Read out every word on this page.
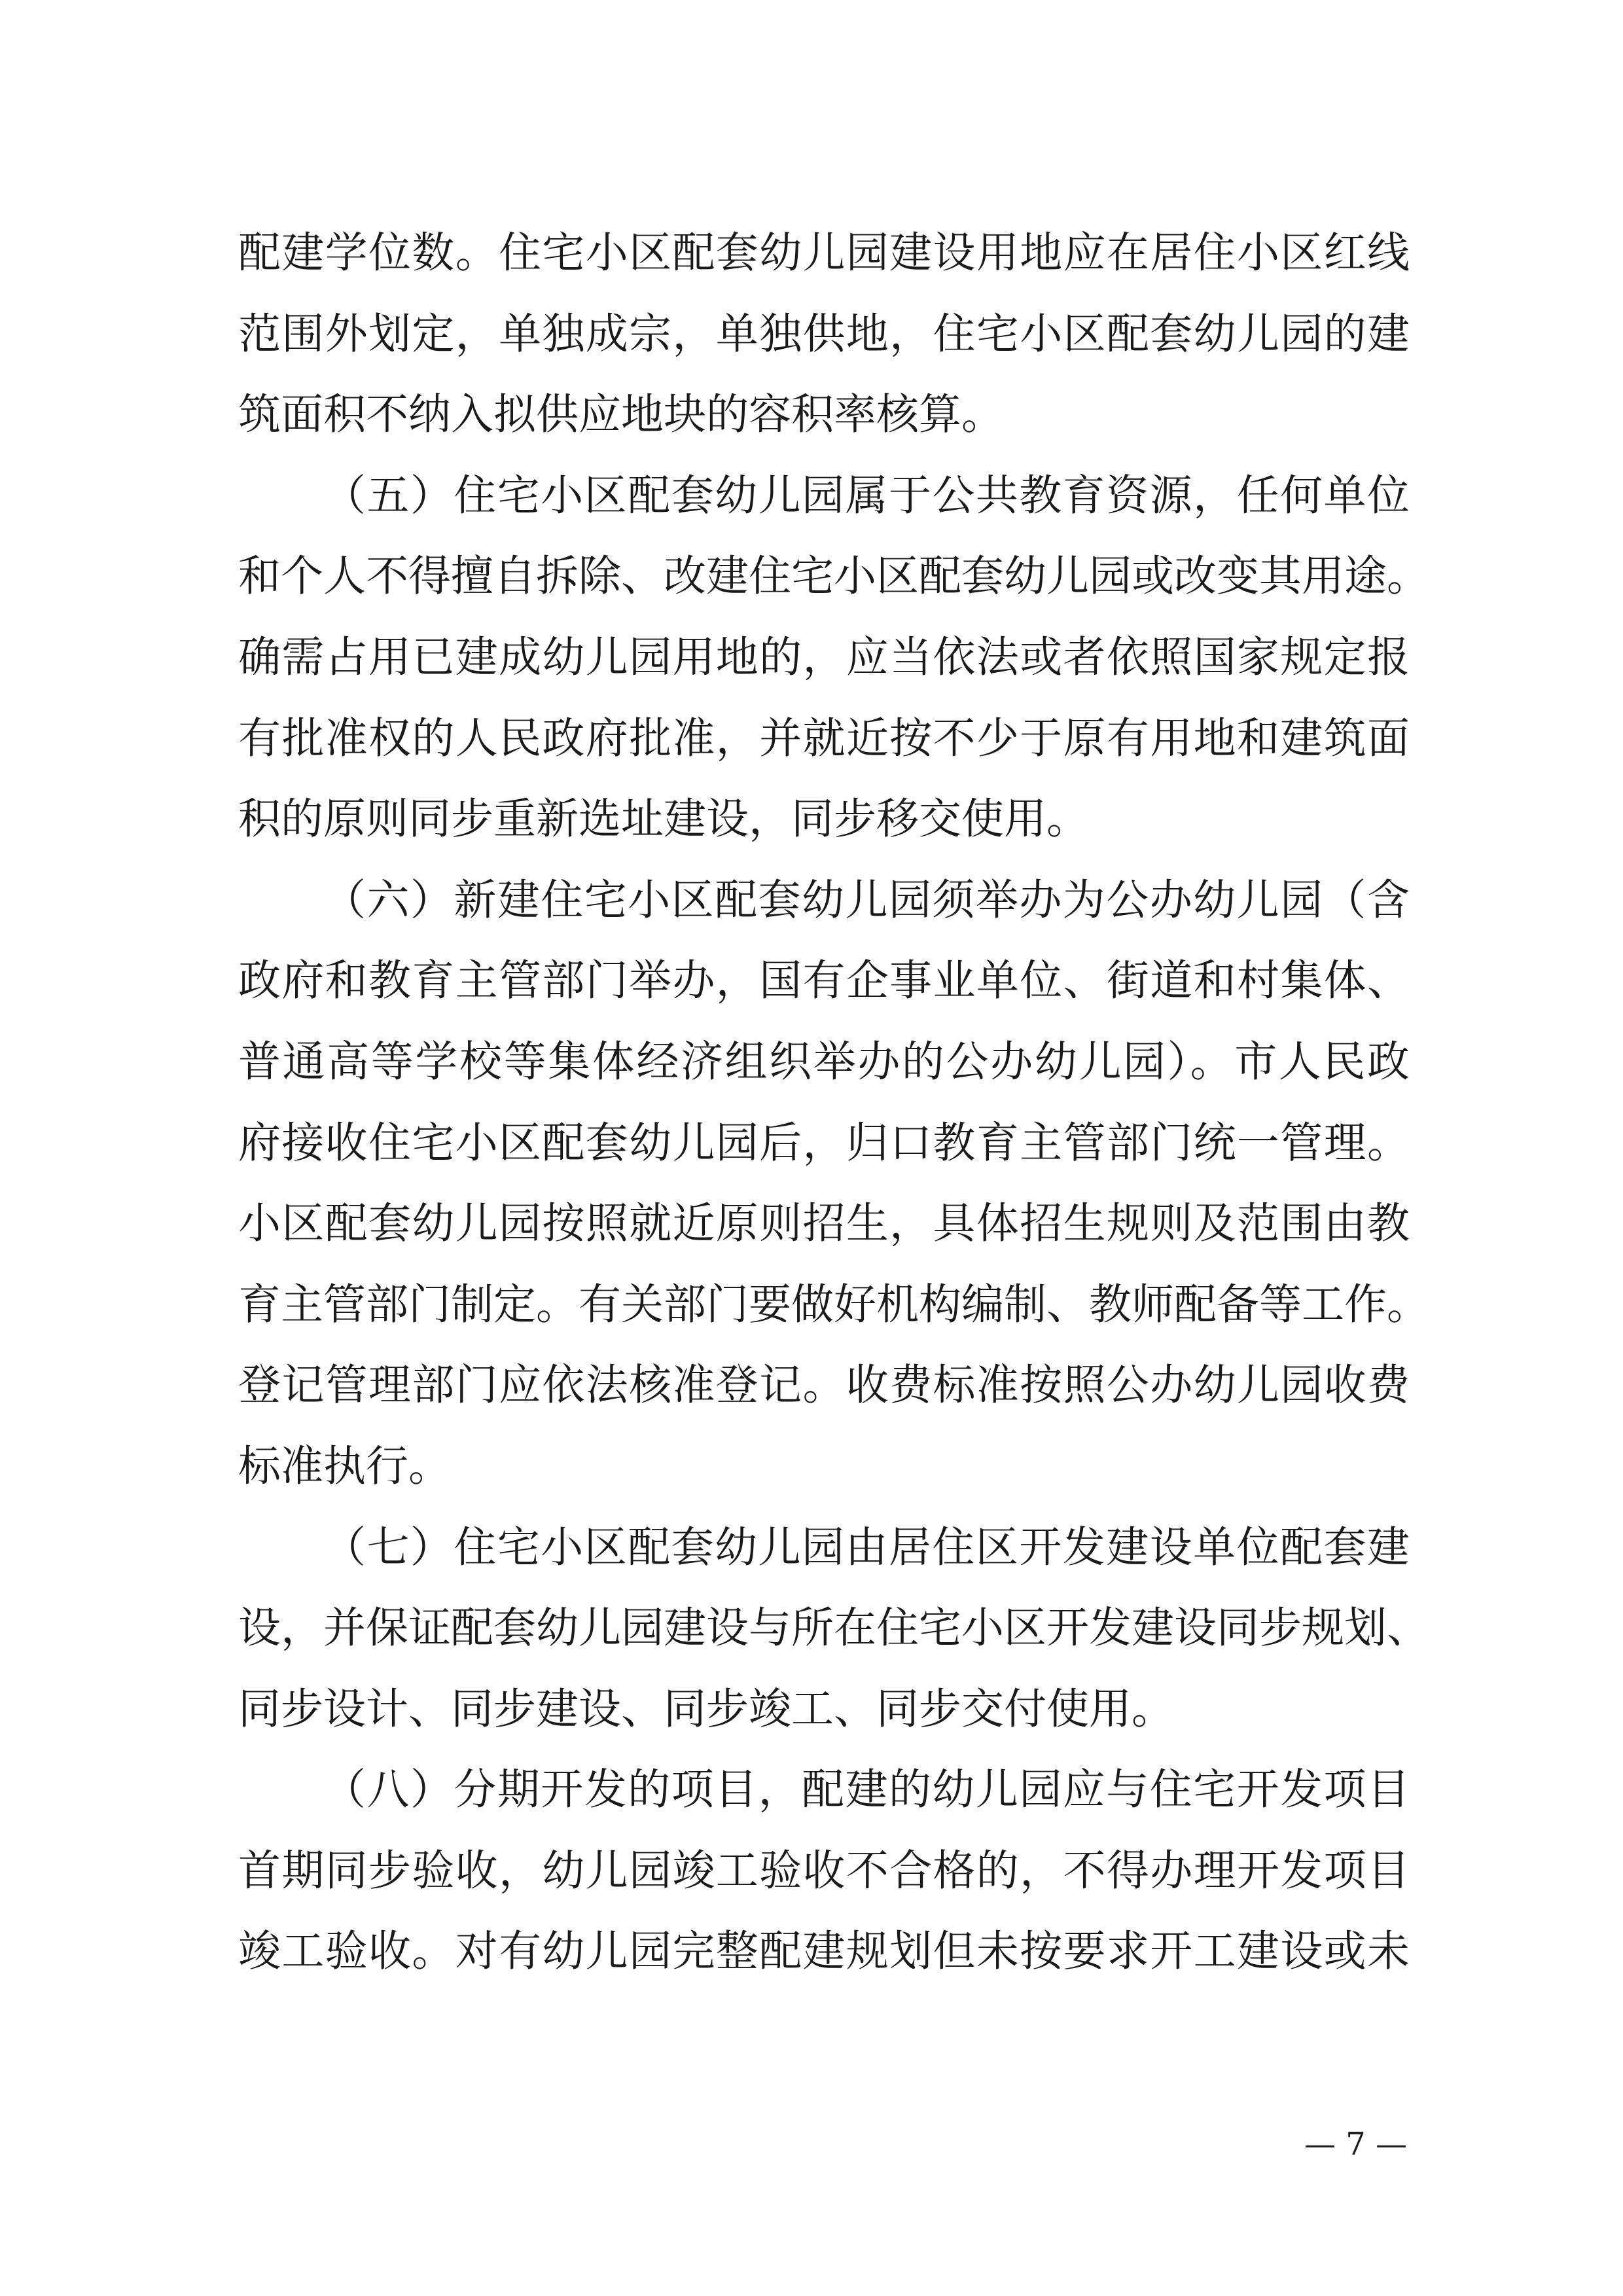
配建学位数。住宅小区配套幼儿园建设用地应在居住小区红线
范围外划定，单独成宗，单独供地，住宅小区配套幼儿园的建
筑面积不纳入拟供应地块的容积率核算。
（五）住宅小区配套幼儿园属于公共教育资源，任何单位
和个人不得擅自拆除、改建住宅小区配套幼儿园或改变其用途。
确需占用已建成幼儿园用地的，应当依法或者依照国家规定报
有批准权的人民政府批准，并就近按不少于原有用地和建筑面
积的原则同步重新选址建设，同步移交使用。
（六）新建住宅小区配套幼儿园须举办为公办幼儿园（含
政府和教育主管部门举办，国有企事业单位、街道和村集体、
普通高等学校等集体经济组织举办的公办幼儿园）。市人民政
府接收住宅小区配套幼儿园后，归口教育主管部门统一管理。
小区配套幼儿园按照就近原则招生，具体招生规则及范围由教
育主管部门制定。有关部门要做好机构编制、教师配备等工作。
登记管理部门应依法核准登记。收费标准按照公办幼儿园收费
标准执行。
（七）住宅小区配套幼儿园由居住区开发建设单位配套建
设，并保证配套幼儿园建设与所在住宅小区开发建设同步规划、
同步设计、同步建设、同步竣工、同步交付使用。
（八）分期开发的项目，配建的幼儿园应与住宅开发项目
首期同步验收，幼儿园竣工验收不合格的，不得办理开发项目
竣工验收。对有幼儿园完整配建规划但未按要求开工建设或未
— 7 —
